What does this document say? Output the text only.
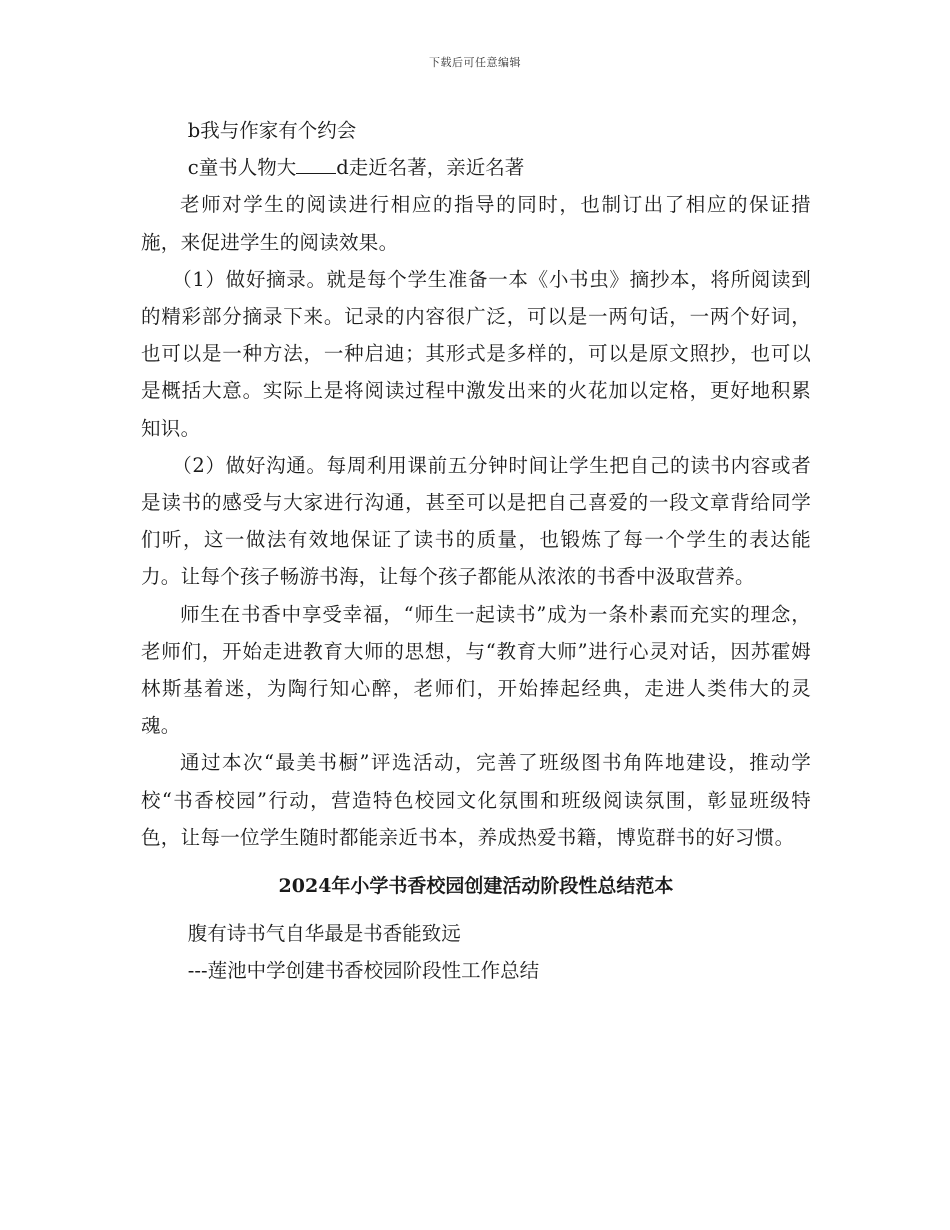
下载后可任意编辑

b我与作家有个约会

c童书人物大 d走近名著，亲近名著

老师对学生的阅读进行相应的指导的同时，也制订出了相应的保证措施，来促进学生的阅读效果。

（1）做好摘录。就是每个学生准备一本《小书虫》摘抄本，将所阅读到的精彩部分摘录下来。记录的内容很广泛，可以是一两句话，一两个好词，也可以是一种方法，一种启迪；其形式是多样的，可以是原文照抄，也可以是概括大意。实际上是将阅读过程中激发出来的火花加以定格，更好地积累知识。

（2）做好沟通。每周利用课前五分钟时间让学生把自己的读书内容或者是读书的感受与大家进行沟通，甚至可以是把自己喜爱的一段文章背给同学们听，这一做法有效地保证了读书的质量，也锻炼了每一个学生的表达能力。让每个孩子畅游书海，让每个孩子都能从浓浓的书香中汲取营养。

师生在书香中享受幸福，“师生一起读书”成为一条朴素而充实的理念，老师们，开始走进教育大师的思想，与“教育大师”进行心灵对话，因苏霍姆林斯基着迷，为陶行知心醉，老师们，开始捧起经典，走进人类伟大的灵魂。

通过本次“最美书橱”评选活动，完善了班级图书角阵地建设，推动学校“书香校园”行动，营造特色校园文化氛围和班级阅读氛围，彰显班级特色，让每一位学生随时都能亲近书本，养成热爱书籍，博览群书的好习惯。

2024年小学书香校园创建活动阶段性总结范本

腹有诗书气自华最是书香能致远

---莲池中学创建书香校园阶段性工作总结
